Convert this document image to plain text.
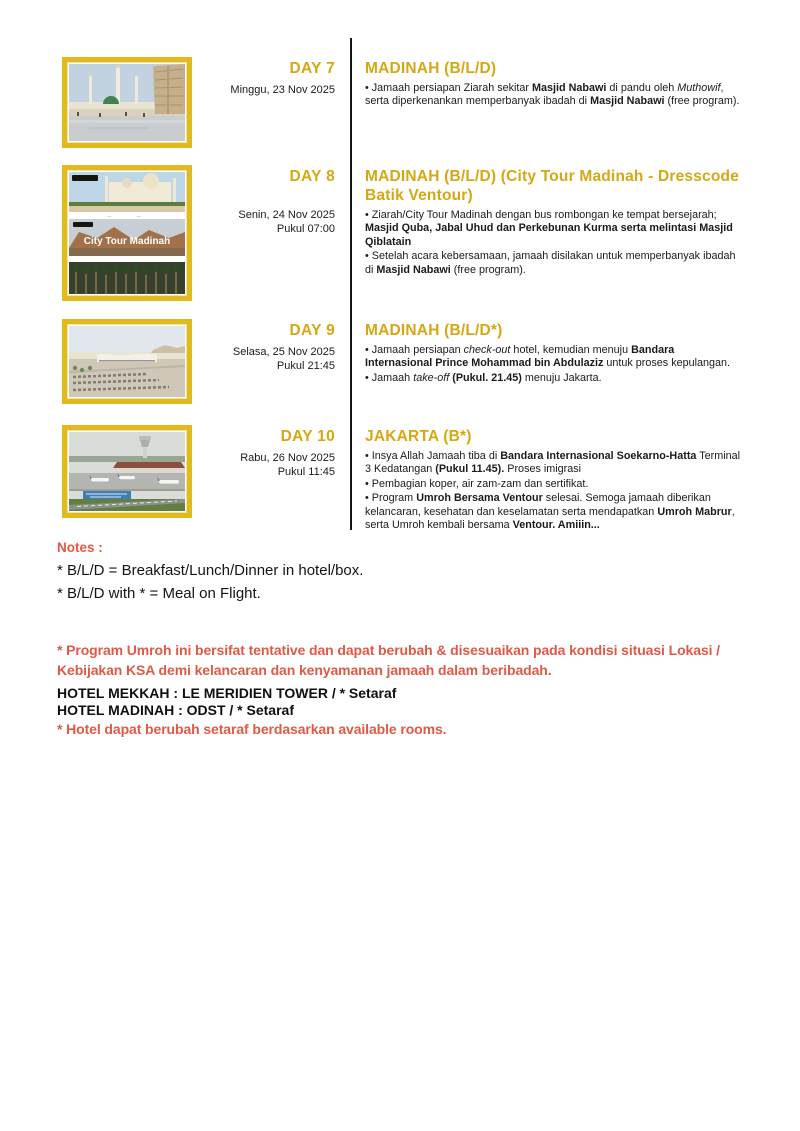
DAY 7
Minggu, 23 Nov 2025
MADINAH (B/L/D)
• Jamaah persiapan Ziarah sekitar Masjid Nabawi di pandu oleh Muthowif, serta diperkenankan memperbanyak ibadah di Masjid Nabawi (free program).
City Tour Madinah
DAY 8
Senin, 24 Nov 2025
Pukul 07:00
MADINAH (B/L/D) (City Tour Madinah - Dresscode Batik Ventour)
• Ziarah/City Tour Madinah dengan bus rombongan ke tempat bersejarah; Masjid Quba, Jabal Uhud dan Perkebunan Kurma serta melintasi Masjid Qiblatain
• Setelah acara kebersamaan, jamaah disilakan untuk memperbanyak ibadah di Masjid Nabawi (free program).
DAY 9
Selasa, 25 Nov 2025
Pukul 21:45
MADINAH (B/L/D*)
• Jamaah persiapan check-out hotel, kemudian menuju Bandara Internasional Prince Mohammad bin Abdulaziz untuk proses kepulangan.
• Jamaah take-off (Pukul. 21.45) menuju Jakarta.
DAY 10
Rabu, 26 Nov 2025
Pukul 11:45
JAKARTA (B*)
• Insya Allah Jamaah tiba di Bandara Internasional Soekarno-Hatta Terminal 3 Kedatangan (Pukul 11.45). Proses imigrasi
• Pembagian koper, air zam-zam dan sertifikat.
• Program Umroh Bersama Ventour selesai. Semoga jamaah diberikan kelancaran, kesehatan dan keselamatan serta mendapatkan Umroh Mabrur, serta Umroh kembali bersama Ventour. Amiiin...
Notes :
* B/L/D = Breakfast/Lunch/Dinner in hotel/box.
* B/L/D with * = Meal on Flight.
* Program Umroh ini bersifat tentative dan dapat berubah & disesuaikan pada kondisi situasi Lokasi / Kebijakan KSA demi kelancaran dan kenyamanan jamaah dalam beribadah.
HOTEL MEKKAH : LE MERIDIEN TOWER / * Setaraf
HOTEL MADINAH : ODST / * Setaraf
* Hotel dapat berubah setaraf berdasarkan available rooms.
